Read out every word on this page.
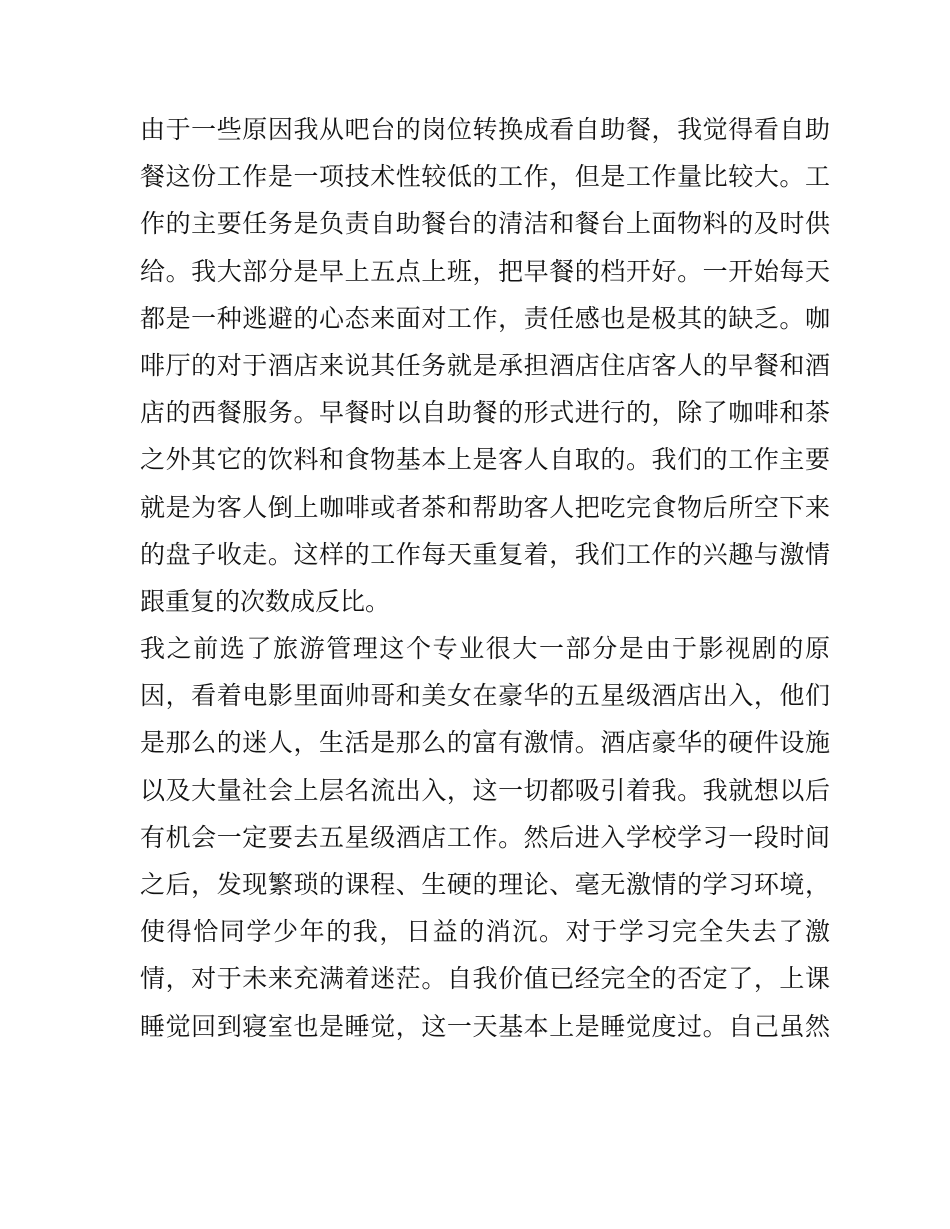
由于一些原因我从吧台的岗位转换成看自助餐，我觉得看自助
餐这份工作是一项技术性较低的工作，但是工作量比较大。工
作的主要任务是负责自助餐台的清洁和餐台上面物料的及时供
给。我大部分是早上五点上班，把早餐的档开好。一开始每天
都是一种逃避的心态来面对工作，责任感也是极其的缺乏。咖
啡厅的对于酒店来说其任务就是承担酒店住店客人的早餐和酒
店的西餐服务。早餐时以自助餐的形式进行的，除了咖啡和茶
之外其它的饮料和食物基本上是客人自取的。我们的工作主要
就是为客人倒上咖啡或者茶和帮助客人把吃完食物后所空下来
的盘子收走。这样的工作每天重复着，我们工作的兴趣与激情
跟重复的次数成反比。
我之前选了旅游管理这个专业很大一部分是由于影视剧的原
因，看着电影里面帅哥和美女在豪华的五星级酒店出入，他们
是那么的迷人，生活是那么的富有激情。酒店豪华的硬件设施
以及大量社会上层名流出入，这一切都吸引着我。我就想以后
有机会一定要去五星级酒店工作。然后进入学校学习一段时间
之后，发现繁琐的课程、生硬的理论、毫无激情的学习环境，
使得恰同学少年的我，日益的消沉。对于学习完全失去了激
情，对于未来充满着迷茫。自我价值已经完全的否定了，上课
睡觉回到寝室也是睡觉，这一天基本上是睡觉度过。自己虽然
